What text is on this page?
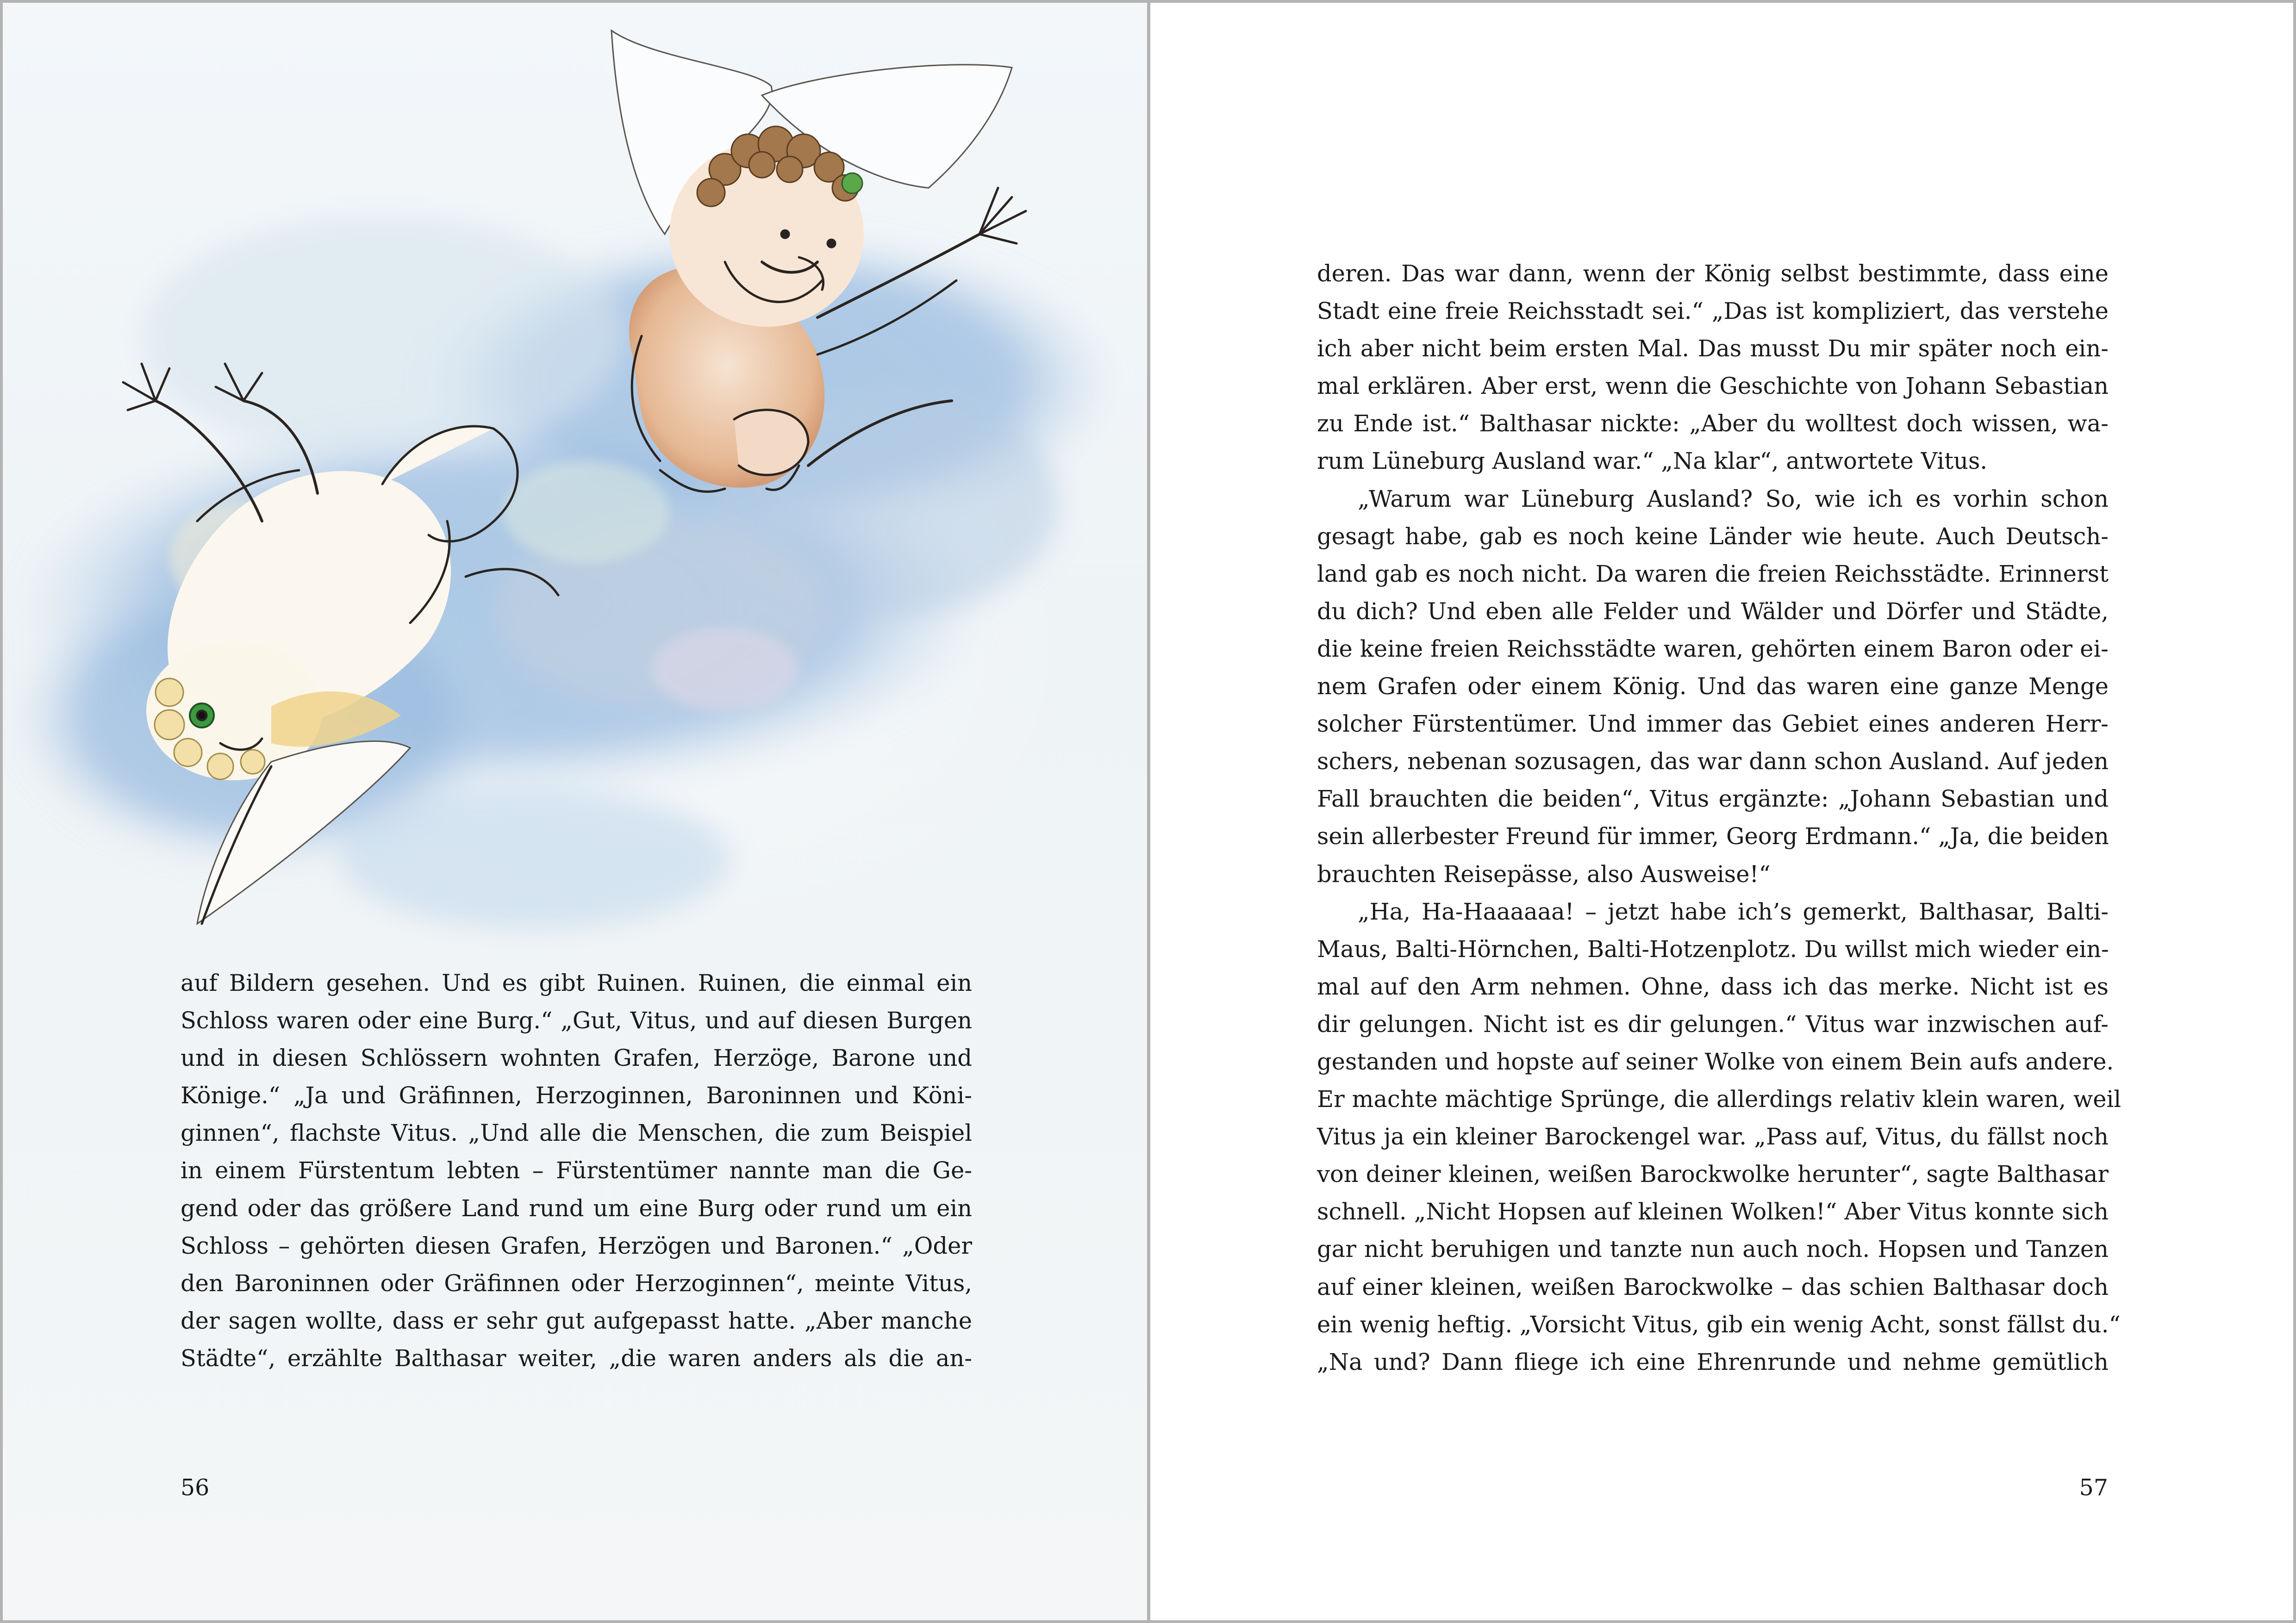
auf Bildern gesehen. Und es gibt Ruinen. Ruinen, die einmal ein
Schloss waren oder eine Burg.“ „Gut, Vitus, und auf diesen Burgen
und in diesen Schlössern wohnten Grafen, Herzöge, Barone und
Könige.“ „Ja und Gräfinnen, Herzoginnen, Baroninnen und Köni-
ginnen“, flachste Vitus. „Und alle die Menschen, die zum Beispiel
in einem Fürstentum lebten – Fürstentümer nannte man die Ge-
gend oder das größere Land rund um eine Burg oder rund um ein
Schloss – gehörten diesen Grafen, Herzögen und Baronen.“ „Oder
den Baroninnen oder Gräfinnen oder Herzoginnen“, meinte Vitus,
der sagen wollte, dass er sehr gut aufgepasst hatte. „Aber manche
Städte“, erzählte Balthasar weiter, „die waren anders als die an-
56
deren. Das war dann, wenn der König selbst bestimmte, dass eine
Stadt eine freie Reichsstadt sei.“ „Das ist kompliziert, das verstehe
ich aber nicht beim ersten Mal. Das musst Du mir später noch ein-
mal erklären. Aber erst, wenn die Geschichte von Johann Sebastian
zu Ende ist.“ Balthasar nickte: „Aber du wolltest doch wissen, wa-
rum Lüneburg Ausland war.“ „Na klar“, antwortete Vitus.
„Warum war Lüneburg Ausland? So, wie ich es vorhin schon
gesagt habe, gab es noch keine Länder wie heute. Auch Deutsch-
land gab es noch nicht. Da waren die freien Reichsstädte. Erinnerst
du dich? Und eben alle Felder und Wälder und Dörfer und Städte,
die keine freien Reichsstädte waren, gehörten einem Baron oder ei-
nem Grafen oder einem König. Und das waren eine ganze Menge
solcher Fürstentümer. Und immer das Gebiet eines anderen Herr-
schers, nebenan sozusagen, das war dann schon Ausland. Auf jeden
Fall brauchten die beiden“, Vitus ergänzte: „Johann Sebastian und
sein allerbester Freund für immer, Georg Erdmann.“ „Ja, die beiden
brauchten Reisepässe, also Ausweise!“
„Ha, Ha-Haaaaaa! – jetzt habe ich’s gemerkt, Balthasar, Balti-
Maus, Balti-Hörnchen, Balti-Hotzenplotz. Du willst mich wieder ein-
mal auf den Arm nehmen. Ohne, dass ich das merke. Nicht ist es
dir gelungen. Nicht ist es dir gelungen.“ Vitus war inzwischen auf-
gestanden und hopste auf seiner Wolke von einem Bein aufs andere.
Er machte mächtige Sprünge, die allerdings relativ klein waren, weil
Vitus ja ein kleiner Barockengel war. „Pass auf, Vitus, du fällst noch
von deiner kleinen, weißen Barockwolke herunter“, sagte Balthasar
schnell. „Nicht Hopsen auf kleinen Wolken!“ Aber Vitus konnte sich
gar nicht beruhigen und tanzte nun auch noch. Hopsen und Tanzen
auf einer kleinen, weißen Barockwolke – das schien Balthasar doch
ein wenig heftig. „Vorsicht Vitus, gib ein wenig Acht, sonst fällst du.“
„Na und? Dann fliege ich eine Ehrenrunde und nehme gemütlich
57
